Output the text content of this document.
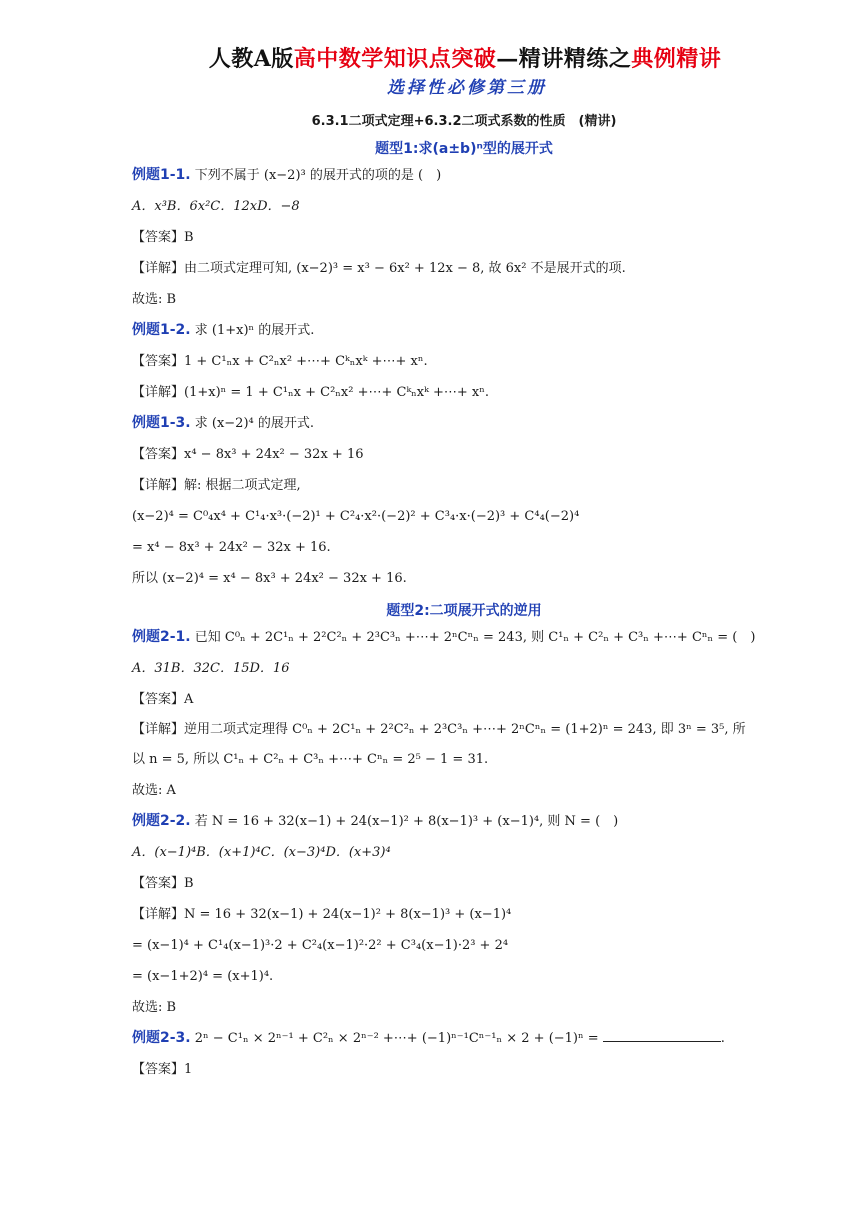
人教A版高中数学知识点突破—精讲精练之典例精讲
选择性必修第三册
6.3.1二项式定理+6.3.2二项式系数的性质　(精讲)
题型1:求(a±b)ⁿ型的展开式
例题1-1. 下列不属于 (x−2)³ 的展开式的项的是 (　)
A．x³B．6x²C．12xD．−8
【答案】B
【详解】由二项式定理可知, (x−2)³ = x³ − 6x² + 12x − 8, 故 6x² 不是展开式的项.
故选: B
例题1-2. 求 (1+x)ⁿ 的展开式.
【答案】1 + C¹ₙx + C²ₙx² +⋯+ Cᵏₙxᵏ +⋯+ xⁿ.
【详解】(1+x)ⁿ = 1 + C¹ₙx + C²ₙx² +⋯+ Cᵏₙxᵏ +⋯+ xⁿ.
例题1-3. 求 (x−2)⁴ 的展开式.
【答案】x⁴ − 8x³ + 24x² − 32x + 16
【详解】解: 根据二项式定理,
(x−2)⁴ = C⁰₄x⁴ + C¹₄·x³·(−2)¹ + C²₄·x²·(−2)² + C³₄·x·(−2)³ + C⁴₄(−2)⁴
= x⁴ − 8x³ + 24x² − 32x + 16.
所以 (x−2)⁴ = x⁴ − 8x³ + 24x² − 32x + 16.
题型2:二项展开式的逆用
例题2-1. 已知 C⁰ₙ + 2C¹ₙ + 2²C²ₙ + 2³C³ₙ +⋯+ 2ⁿCⁿₙ = 243, 则 C¹ₙ + C²ₙ + C³ₙ +⋯+ Cⁿₙ = (　)
A．31B．32C．15D．16
【答案】A
【详解】逆用二项式定理得 C⁰ₙ + 2C¹ₙ + 2²C²ₙ + 2³C³ₙ +⋯+ 2ⁿCⁿₙ = (1+2)ⁿ = 243, 即 3ⁿ = 3⁵, 所以 n = 5, 所以 C¹ₙ + C²ₙ + C³ₙ +⋯+ Cⁿₙ = 2⁵ − 1 = 31.
故选: A
例题2-2. 若 N = 16 + 32(x−1) + 24(x−1)² + 8(x−1)³ + (x−1)⁴, 则 N = (　)
A．(x−1)⁴B．(x+1)⁴C．(x−3)⁴D．(x+3)⁴
【答案】B
【详解】N = 16 + 32(x−1) + 24(x−1)² + 8(x−1)³ + (x−1)⁴
= (x−1)⁴ + C¹₄(x−1)³·2 + C²₄(x−1)²·2² + C³₄(x−1)·2³ + 2⁴
= (x−1+2)⁴ = (x+1)⁴.
故选: B
例题2-3. 2ⁿ − C¹ₙ × 2ⁿ⁻¹ + C²ₙ × 2ⁿ⁻² +⋯+ (−1)ⁿ⁻¹Cⁿ⁻¹ₙ × 2 + (−1)ⁿ =	.
【答案】1
